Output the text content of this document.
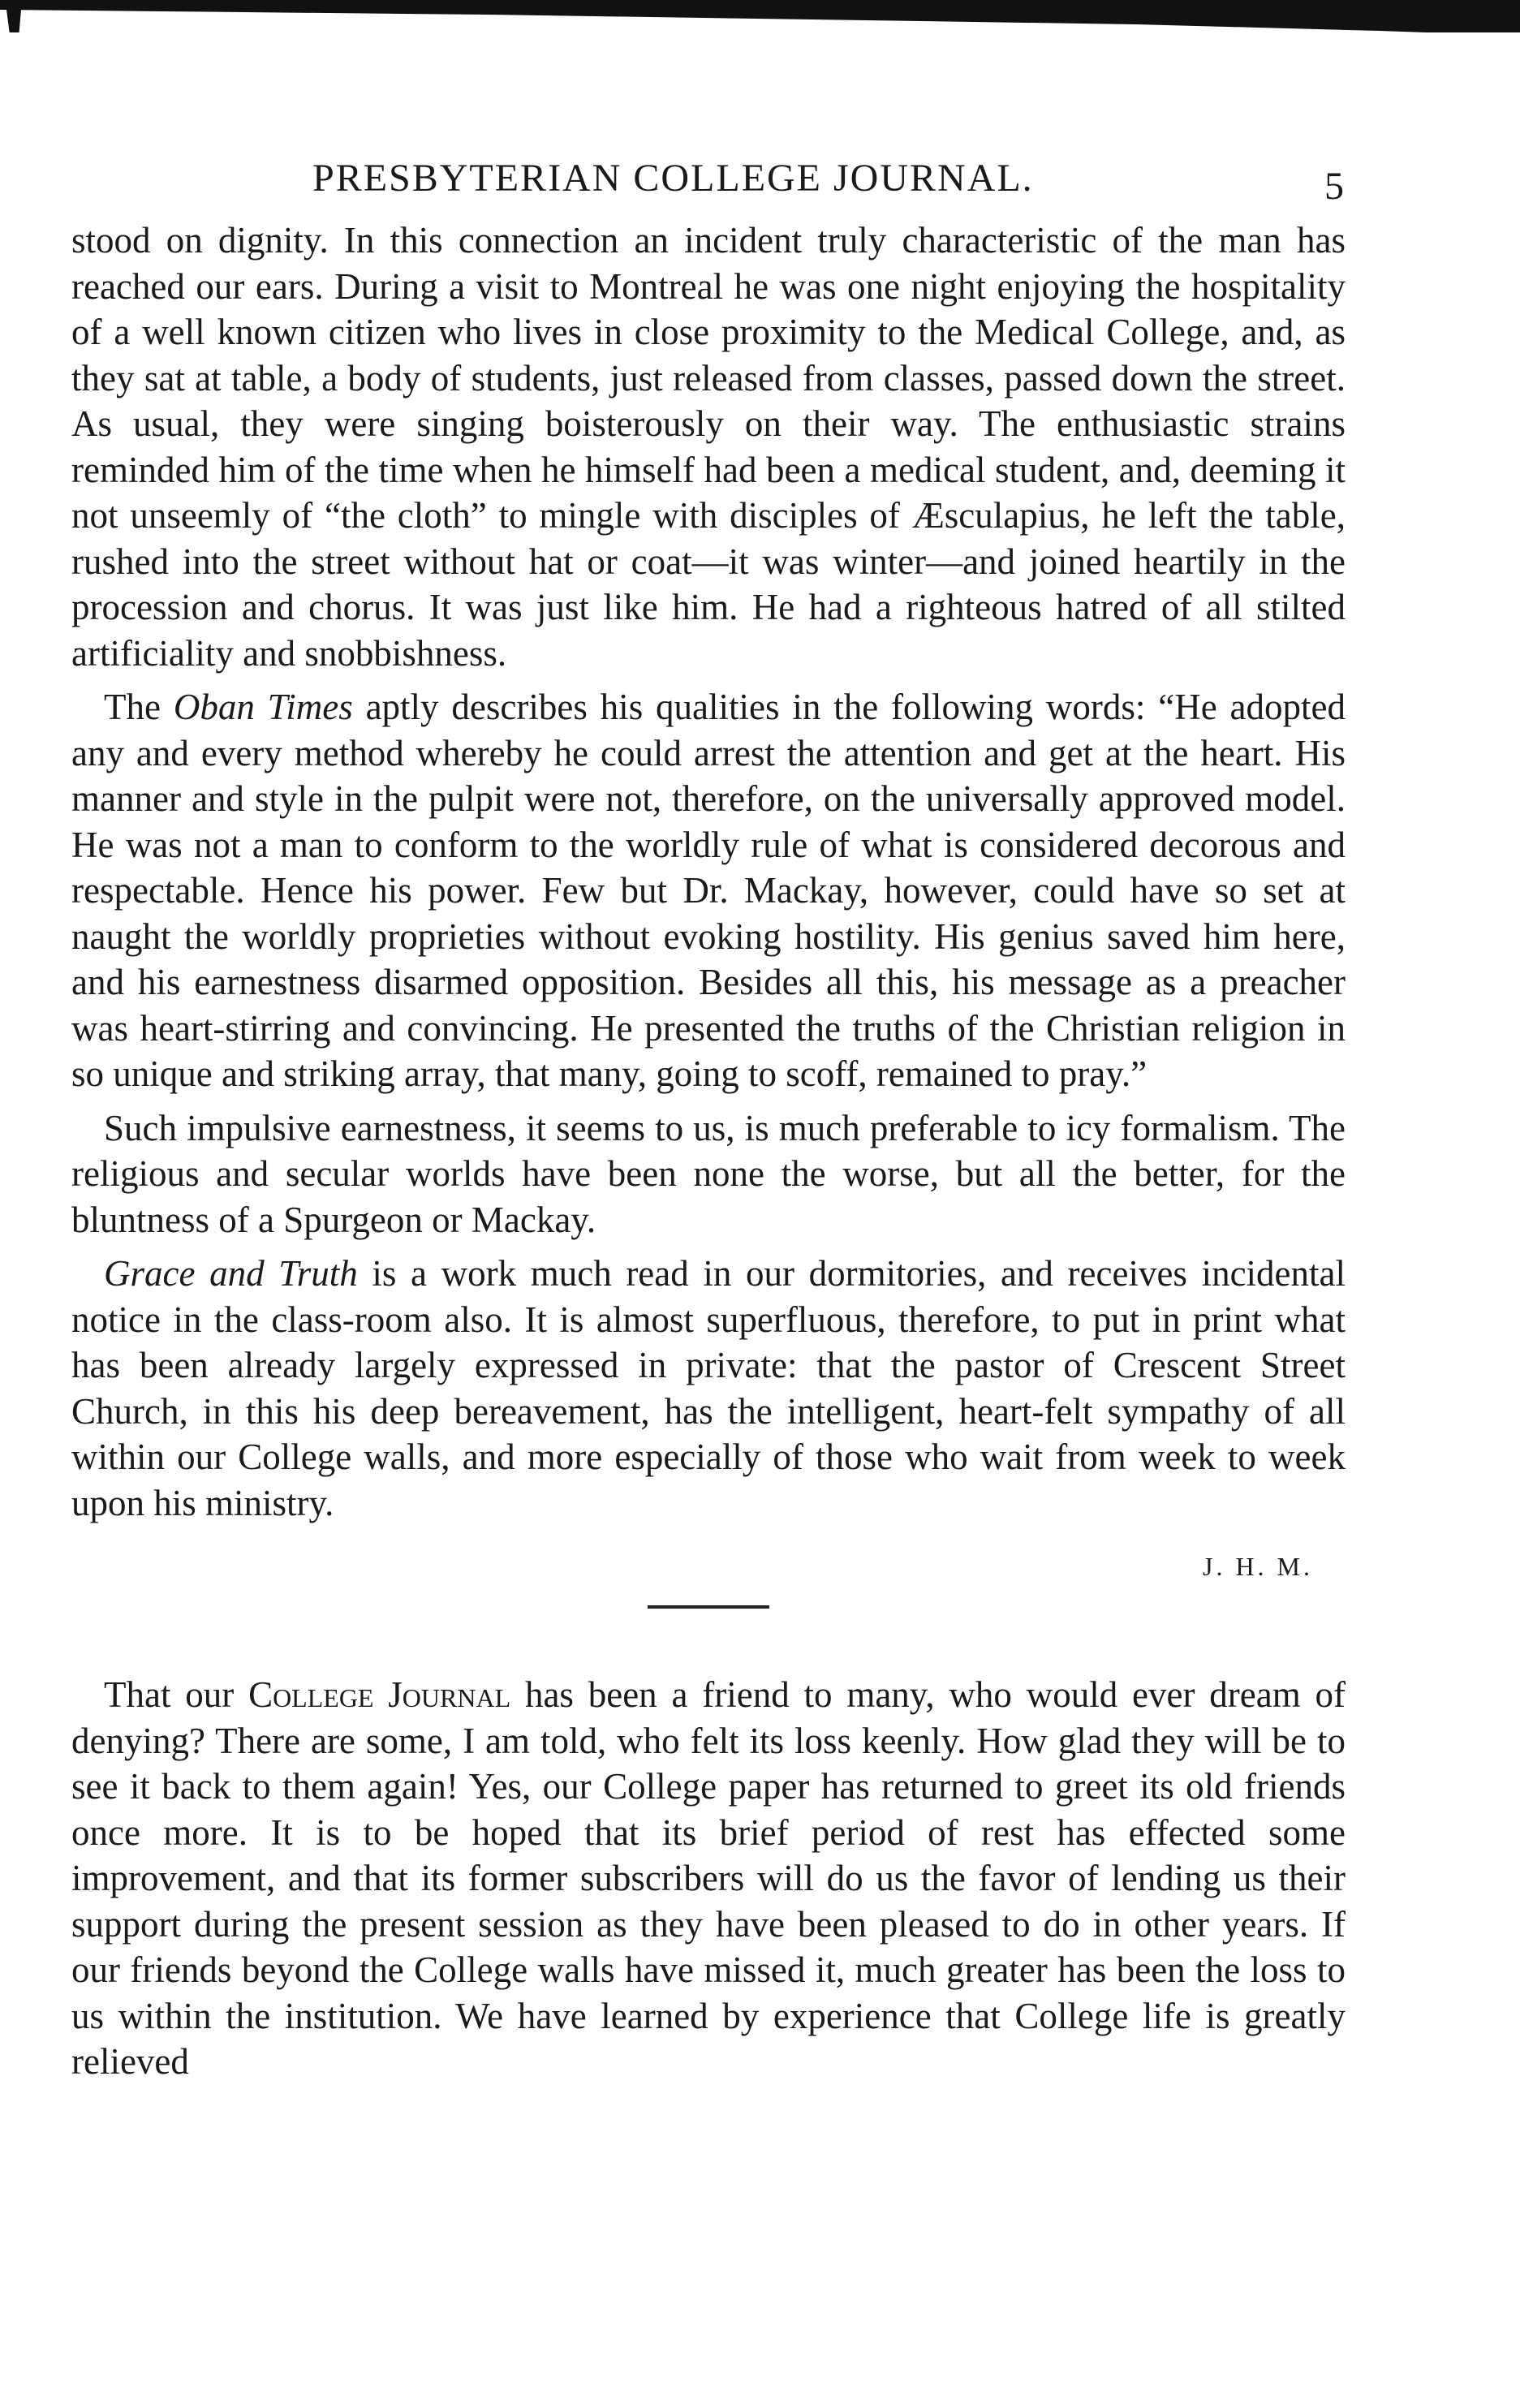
PRESBYTERIAN COLLEGE JOURNAL.	5

stood on dignity. In this connection an incident truly characteristic of the man has reached our ears. During a visit to Montreal he was one night enjoying the hospitality of a well known citizen who lives in close proximity to the Medical College, and, as they sat at table, a body of students, just released from classes, passed down the street. As usual, they were singing boisterously on their way. The enthusiastic strains reminded him of the time when he himself had been a medical student, and, deeming it not unseemly of “the cloth” to mingle with disciples of Æsculapius, he left the table, rushed into the street without hat or coat—it was winter—and joined heartily in the procession and chorus. It was just like him. He had a righteous hatred of all stilted artificiality and snobbishness.

The Oban Times aptly describes his qualities in the following words: “He adopted any and every method whereby he could arrest the attention and get at the heart. His manner and style in the pulpit were not, therefore, on the universally approved model. He was not a man to conform to the worldly rule of what is considered decorous and respectable. Hence his power. Few but Dr. Mackay, however, could have so set at naught the worldly proprieties without evoking hostility. His genius saved him here, and his earnestness disarmed opposition. Besides all this, his message as a preacher was heart-stirring and convincing. He presented the truths of the Christian religion in so unique and striking array, that many, going to scoff, remained to pray.”

Such impulsive earnestness, it seems to us, is much preferable to icy formalism. The religious and secular worlds have been none the worse, but all the better, for the bluntness of a Spurgeon or Mackay.

Grace and Truth is a work much read in our dormitories, and receives incidental notice in the class-room also. It is almost superfluous, therefore, to put in print what has been already largely expressed in private: that the pastor of Crescent Street Church, in this his deep bereavement, has the intelligent, heart-felt sympathy of all within our College walls, and more especially of those who wait from week to week upon his ministry.

J. H. M.

That our College Journal has been a friend to many, who would ever dream of denying? There are some, I am told, who felt its loss keenly. How glad they will be to see it back to them again! Yes, our College paper has returned to greet its old friends once more. It is to be hoped that its brief period of rest has effected some improvement, and that its former subscribers will do us the favor of lending us their support during the present session as they have been pleased to do in other years. If our friends beyond the College walls have missed it, much greater has been the loss to us within the institution. We have learned by experience that College life is greatly relieved
